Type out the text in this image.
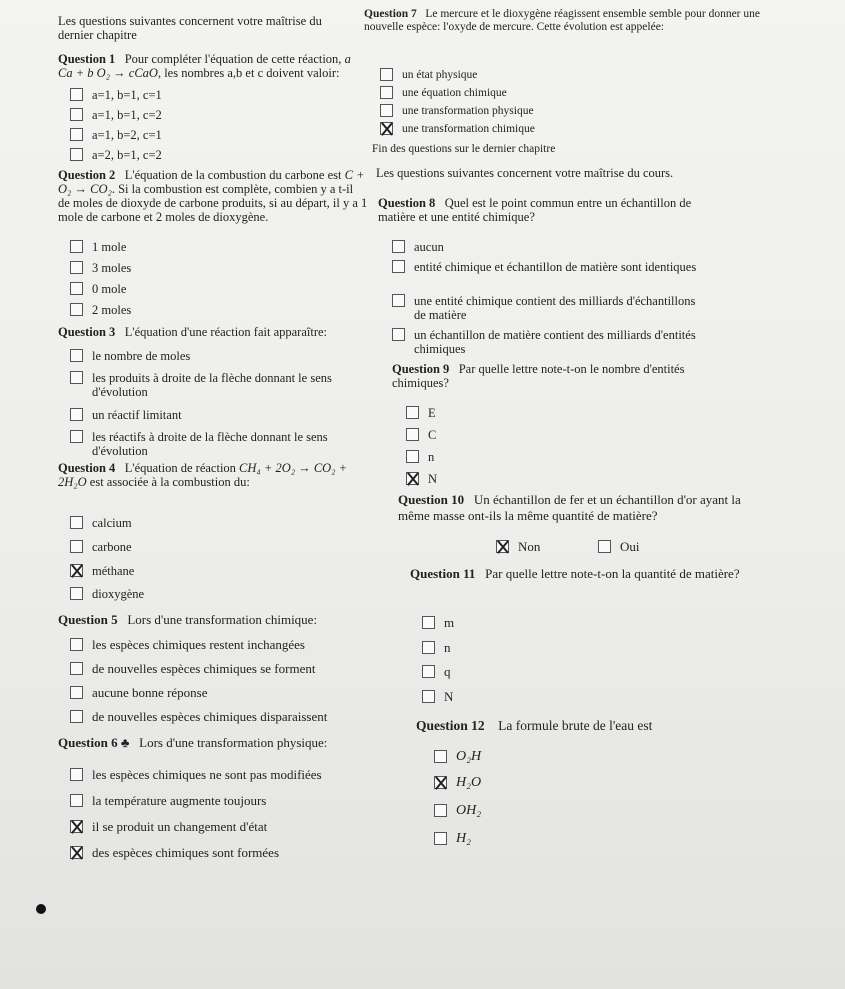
Les questions suivantes concernent votre maîtrise du dernier chapitre
Question 1 Pour compléter l'équation de cette réaction, a Ca + b O₂ → cCaO, les nombres a,b et c doivent valoir:
a=1, b=1, c=1
a=1, b=1, c=2
a=1, b=2, c=1
a=2, b=1, c=2
Question 2 L'équation de la combustion du carbone est C + O₂ → CO₂. Si la combustion est complète, combien y a t-il de moles de dioxyde de carbone produits, si au départ, il y a 1 mole de carbone et 2 moles de dioxygène.
1 mole
3 moles
0 mole
2 moles
Question 3 L'équation d'une réaction fait apparaître:
le nombre de moles
les produits à droite de la flèche donnant le sens d'évolution
un réactif limitant
les réactifs à droite de la flèche donnant le sens d'évolution
Question 4 L'équation de réaction CH₄ + 2O₂ → CO₂ + 2H₂O est associée à la combustion du:
calcium
carbone
méthane
dioxygène
Question 5 Lors d'une transformation chimique:
les espèces chimiques restent inchangées
de nouvelles espèces chimiques se forment
aucune bonne réponse
de nouvelles espèces chimiques disparaissent
Question 6 ♣ Lors d'une transformation physique:
les espèces chimiques ne sont pas modifiées
la température augmente toujours
il se produit un changement d'état
des espèces chimiques sont formées
Question 7 Le mercure et le dioxygène réagissent ensemble semble pour donner une nouvelle espèce: l'oxyde de mercure. Cette évolution est appelée:
un état physique
une équation chimique
une transformation physique
une transformation chimique
Fin des questions sur le dernier chapitre
Les questions suivantes concernent votre maîtrise du cours.
Question 8 Quel est le point commun entre un échantillon de matière et une entité chimique?
aucun
entité chimique et échantillon de matière sont identiques
une entité chimique contient des milliards d'échantillons de matière
un échantillon de matière contient des milliards d'entités chimiques
Question 9 Par quelle lettre note-t-on le nombre d'entités chimiques?
E
C
n
N
Question 10 Un échantillon de fer et un échantillon d'or ayant la même masse ont-ils la même quantité de matière?
Non	Oui
Question 11 Par quelle lettre note-t-on la quantité de matière?
m
n
q
N
Question 12 La formule brute de l'eau est
O₂H
H₂O
OH₂
H₂
